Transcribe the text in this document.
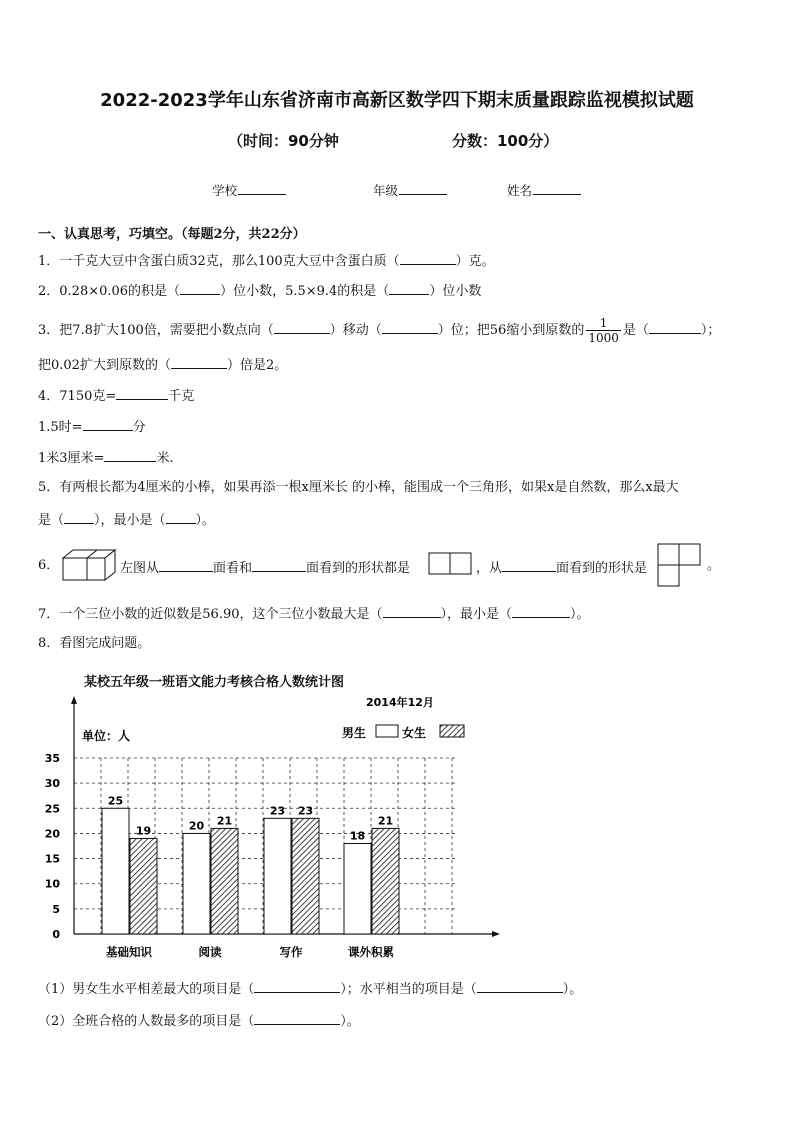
2022-2023学年山东省济南市高新区数学四下期末质量跟踪监视模拟试题
（时间：90分钟	分数：100分）
学校	年级	姓名
一、认真思考，巧填空。（每题2分，共22分）
1．一千克大豆中含蛋白质32克，那么100克大豆中含蛋白质（	）克。
2．0.28×0.06的积是（	）位小数，5.5×9.4的积是（	）位小数
3．把7.8扩大100倍，需要把小数点向（	）移动（	）位；把56缩小到原数的 $\frac{1}{1000}$ 是（	）；
把0.02扩大到原数的（	）倍是2。
4．7150克=	千克
1.5时=	分
1米3厘米=	米.
5．有两根长都为4厘米的小棒，如果再添一根x厘米长 的小棒，能围成一个三角形，如果x是自然数，那么x最大
是（ ），最小是（ ）。
6．	左图从	面看和	面看到的形状都是	，从	面看到的形状是	。
7．一个三位小数的近似数是56.90，这个三位小数最大是（	），最小是（	）。
8．看图完成问题。
某校五年级一班语文能力考核合格人数统计图
2014年12月
单位：人	男生	女生
0
5
10
15
20
25
30
35
基础知识	阅读	写作	课外积累
25
19	20 21
23 23
18
21
（1）男女生水平相差最大的项目是（	）；水平相当的项目是（	）。
（2）全班合格的人数最多的项目是（	）。
